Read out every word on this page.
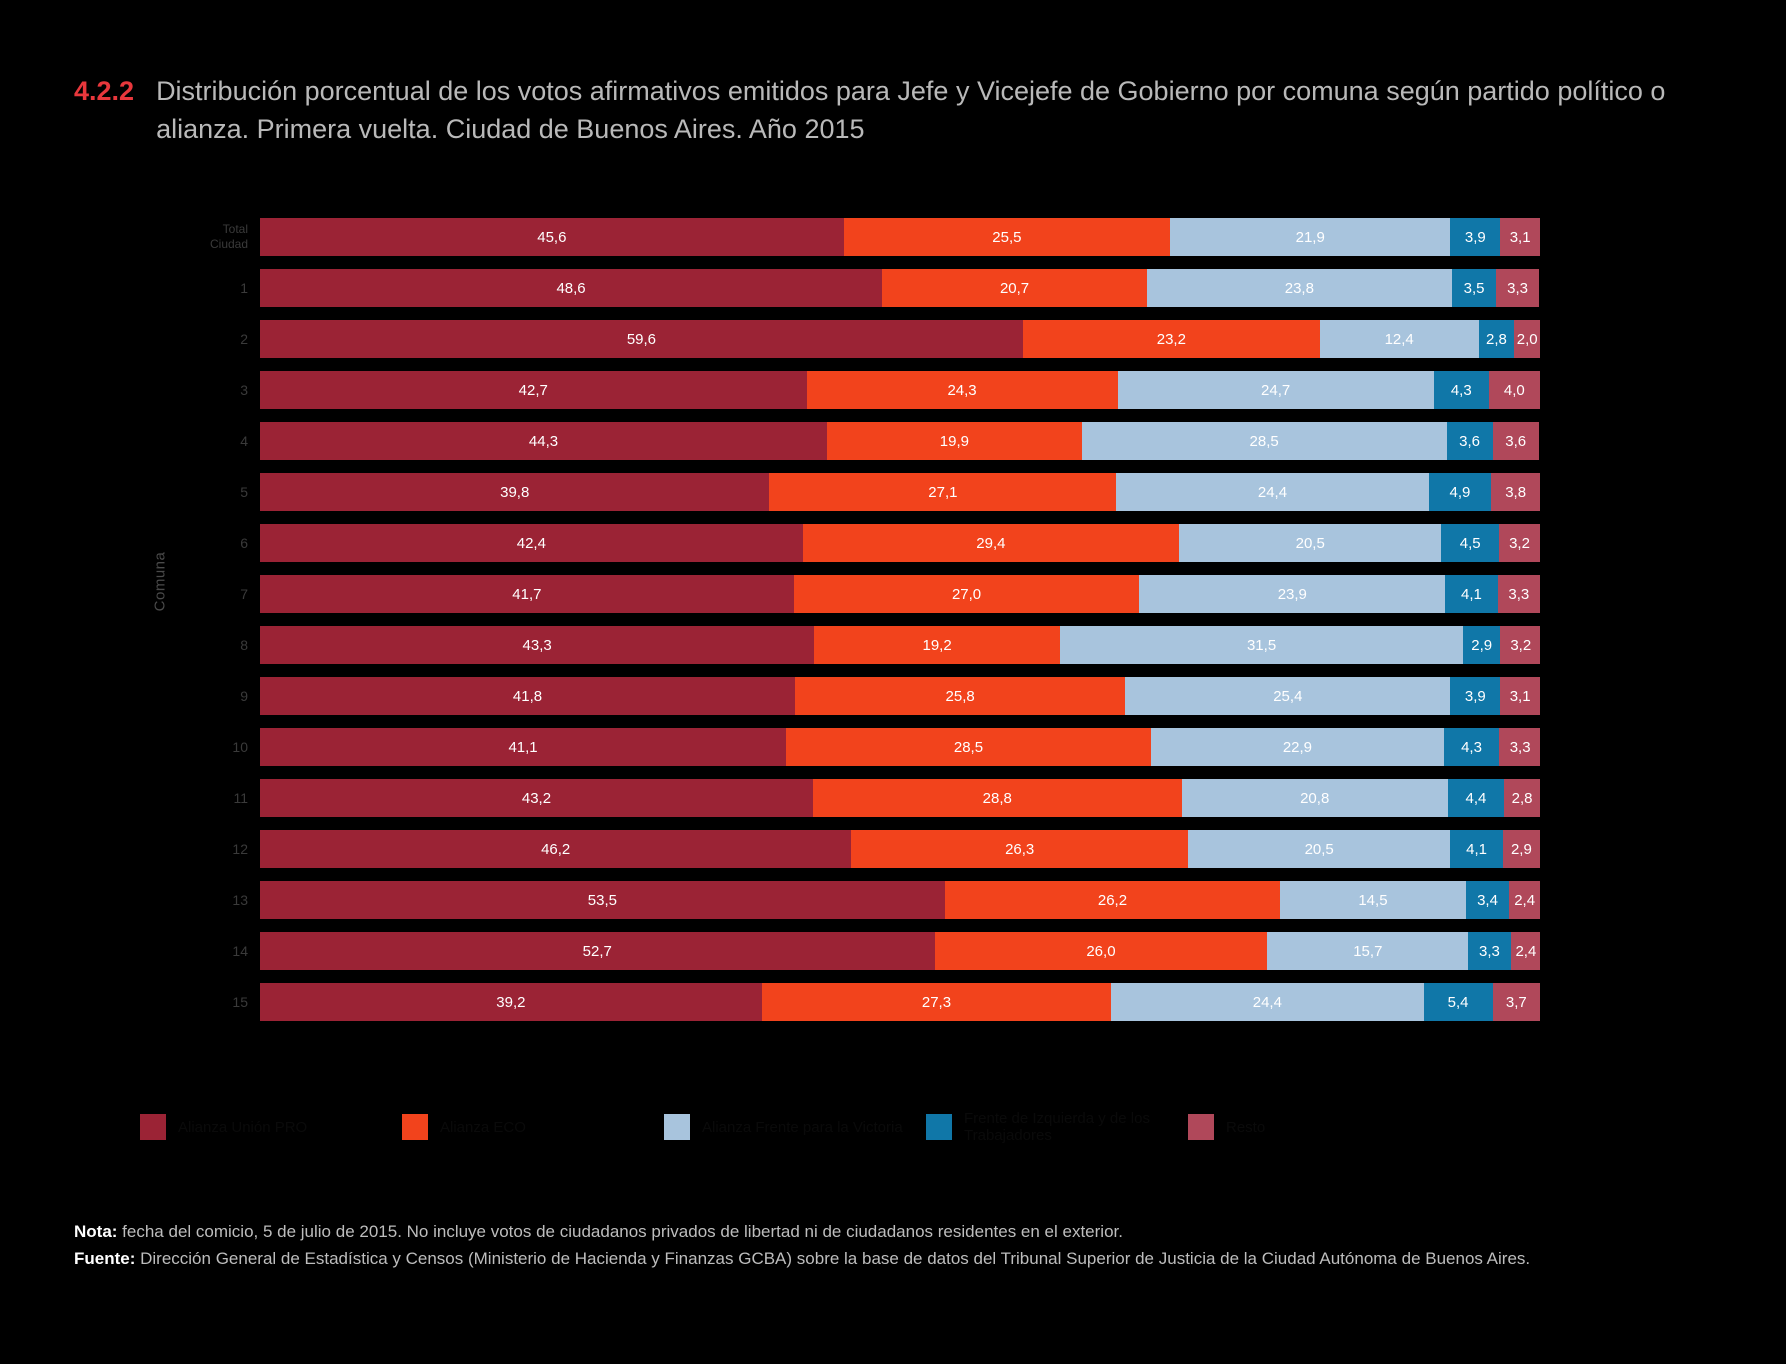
4.2.2 Distribución porcentual de los votos afirmativos emitidos para Jefe y Vicejefe de Gobierno por comuna según partido político o alianza. Primera vuelta. Ciudad de Buenos Aires. Año 2015
Comuna
Total Ciudad	45,6	25,5	21,9	3,9	3,1
1	48,6	20,7	23,8	3,5	3,3
2	59,6	23,2	12,4	2,8 2,0
3	42,7	24,3	24,7	4,3	4,0
4	44,3	19,9	28,5	3,6	3,6
5	39,8	27,1	24,4	4,9	3,8
6	42,4	29,4	20,5	4,5	3,2
7	41,7	27,0	23,9	4,1	3,3
8	43,3	19,2	31,5	2,9	3,2
9	41,8	25,8	25,4	3,9	3,1
10	41,1	28,5	22,9	4,3	3,3
11	43,2	28,8	20,8	4,4	2,8
12	46,2	26,3	20,5	4,1	2,9
13	53,5	26,2	14,5	3,4	2,4
14	52,7	26,0	15,7	3,3	2,4
15	39,2	27,3	24,4	5,4	3,7
Alianza Unión PRO	Alianza ECO	Alianza Frente para la Victoria	Frente de Izquierda y de los Trabajadores	Resto
Nota: fecha del comicio, 5 de julio de 2015. No incluye votos de ciudadanos privados de libertad ni de ciudadanos residentes en el exterior.
Fuente: Dirección General de Estadística y Censos (Ministerio de Hacienda y Finanzas GCBA) sobre la base de datos del Tribunal Superior de Justicia de la Ciudad Autónoma de Buenos Aires.
